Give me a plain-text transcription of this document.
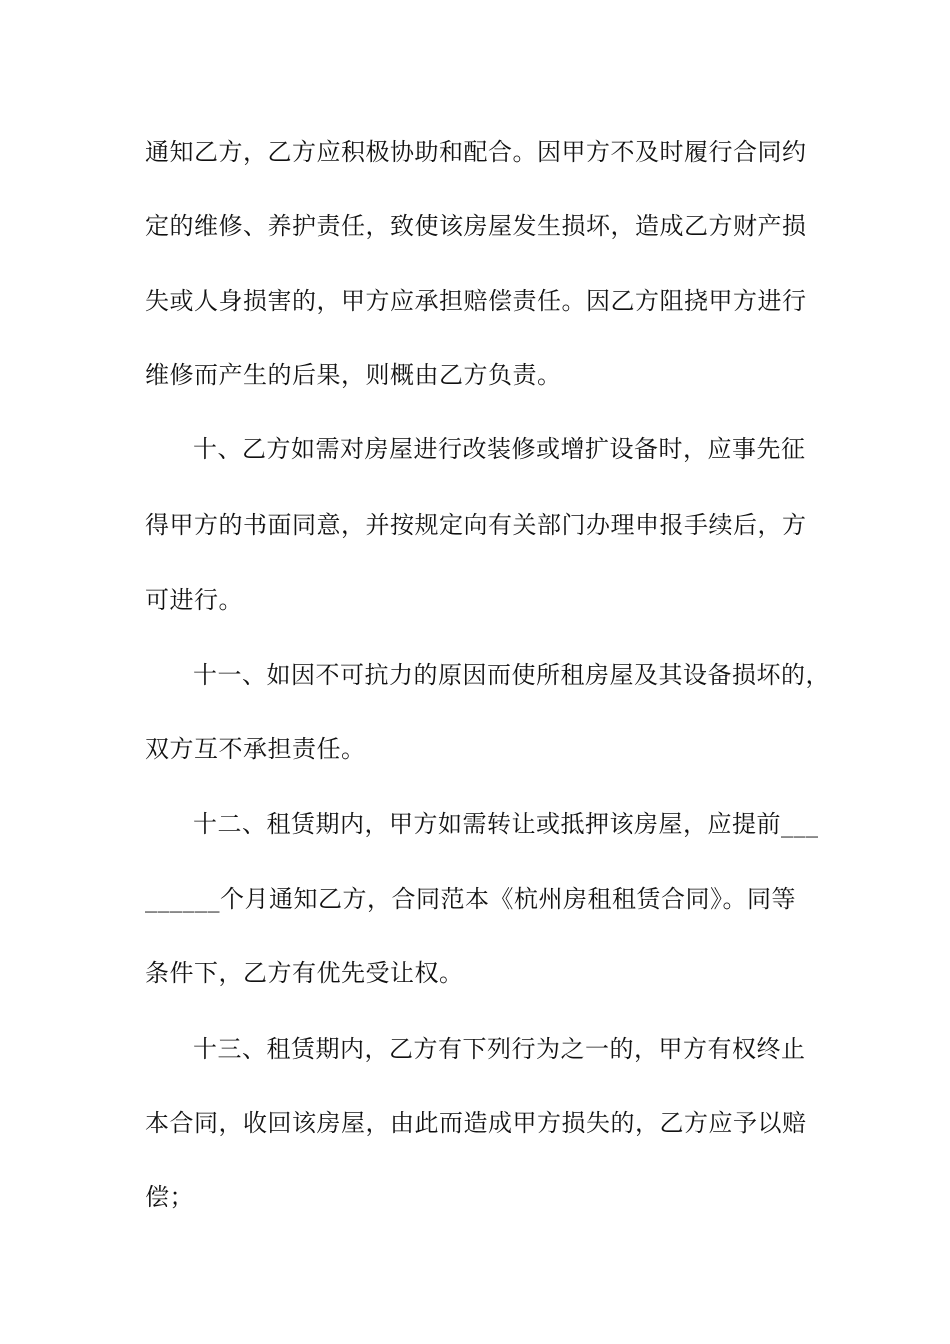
通知乙方，乙方应积极协助和配合。因甲方不及时履行合同约
定的维修、养护责任，致使该房屋发生损坏，造成乙方财产损
失或人身损害的，甲方应承担赔偿责任。因乙方阻挠甲方进行
维修而产生的后果，则概由乙方负责。
十、乙方如需对房屋进行改装修或增扩设备时，应事先征
得甲方的书面同意，并按规定向有关部门办理申报手续后，方
可进行。
十一、如因不可抗力的原因而使所租房屋及其设备损坏的，
双方互不承担责任。
十二、租赁期内，甲方如需转让或抵押该房屋，应提前___
______个月通知乙方，合同范本《杭州房租租赁合同》。同等
条件下，乙方有优先受让权。
十三、租赁期内，乙方有下列行为之一的，甲方有权终止
本合同，收回该房屋，由此而造成甲方损失的，乙方应予以赔
偿；
